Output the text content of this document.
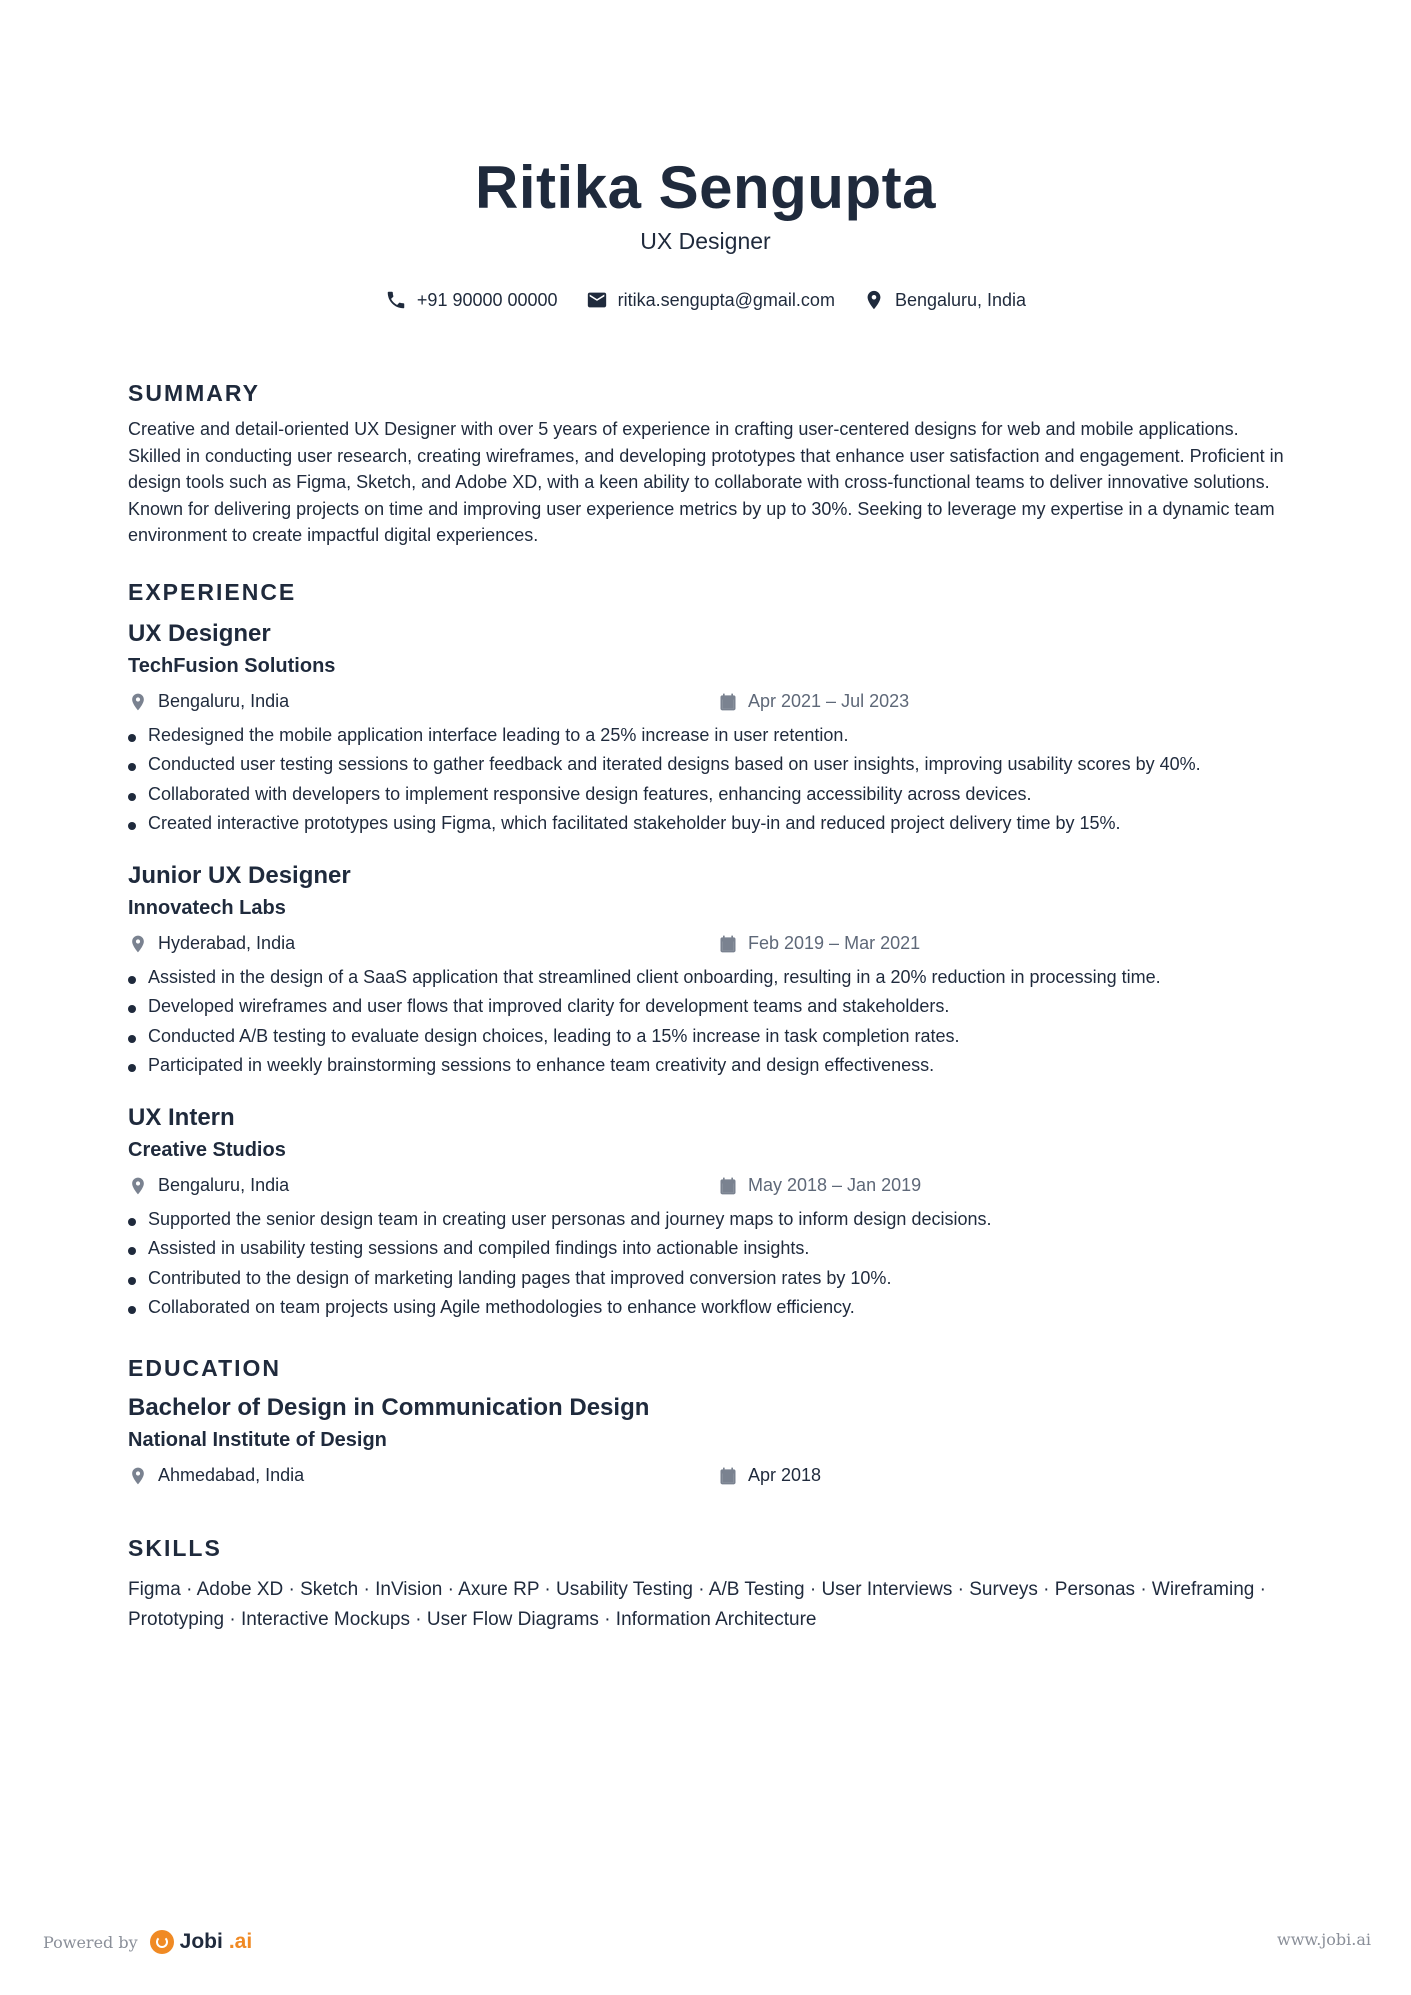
Ritika Sengupta
UX Designer
+91 90000 00000	ritika.sengupta@gmail.com	Bengaluru, India
SUMMARY

Creative and detail-oriented UX Designer with over 5 years of experience in crafting user-centered designs for web and mobile applications. Skilled in conducting user research, creating wireframes, and developing prototypes that enhance user satisfaction and engagement. Proficient in design tools such as Figma, Sketch, and Adobe XD, with a keen ability to collaborate with cross-functional teams to deliver innovative solutions. Known for delivering projects on time and improving user experience metrics by up to 30%. Seeking to leverage my expertise in a dynamic team environment to create impactful digital experiences.

EXPERIENCE
UX Designer
TechFusion Solutions
Bengaluru, India	Apr 2021 – Jul 2023
Redesigned the mobile application interface leading to a 25% increase in user retention.
Conducted user testing sessions to gather feedback and iterated designs based on user insights, improving usability scores by 40%.
Collaborated with developers to implement responsive design features, enhancing accessibility across devices.
Created interactive prototypes using Figma, which facilitated stakeholder buy-in and reduced project delivery time by 15%.
Junior UX Designer
Innovatech Labs
Hyderabad, India	Feb 2019 – Mar 2021
Assisted in the design of a SaaS application that streamlined client onboarding, resulting in a 20% reduction in processing time.
Developed wireframes and user flows that improved clarity for development teams and stakeholders.
Conducted A/B testing to evaluate design choices, leading to a 15% increase in task completion rates.
Participated in weekly brainstorming sessions to enhance team creativity and design effectiveness.
UX Intern
Creative Studios
Bengaluru, India	May 2018 – Jan 2019
Supported the senior design team in creating user personas and journey maps to inform design decisions.
Assisted in usability testing sessions and compiled findings into actionable insights.
Contributed to the design of marketing landing pages that improved conversion rates by 10%.
Collaborated on team projects using Agile methodologies to enhance workflow efficiency.
EDUCATION
Bachelor of Design in Communication Design
National Institute of Design
Ahmedabad, India	Apr 2018
SKILLS

Figma · Adobe XD · Sketch · InVision · Axure RP · Usability Testing · A/B Testing · User Interviews · Surveys · Personas · Wireframing · Prototyping · Interactive Mockups · User Flow Diagrams · Information Architecture

Powered by Jobi .ai	www.jobi.ai
